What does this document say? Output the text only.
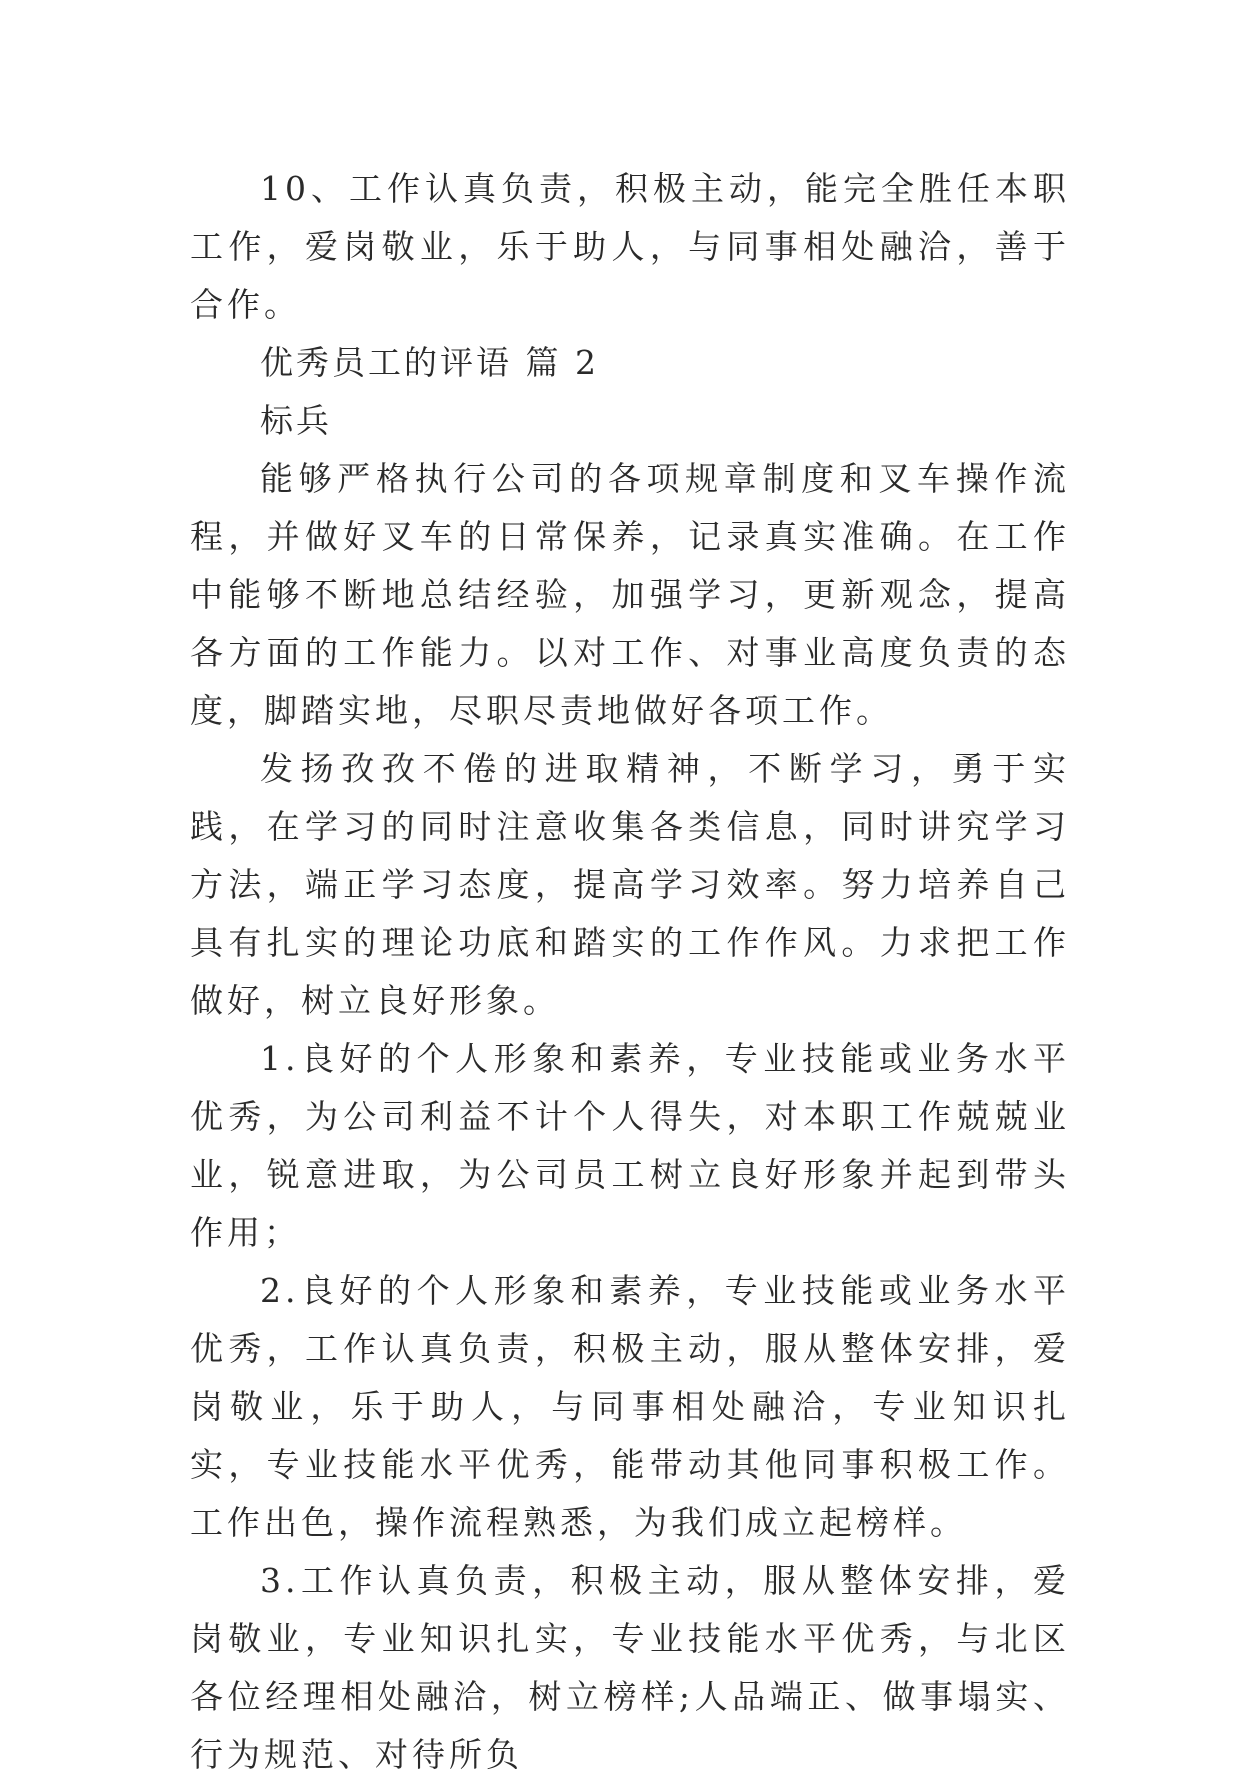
10、工作认真负责，积极主动，能完全胜任本职工作，爱岗敬业，乐于助人，与同事相处融洽，善于合作。

优秀员工的评语 篇 2

标兵

能够严格执行公司的各项规章制度和叉车操作流程，并做好叉车的日常保养，记录真实准确。在工作中能够不断地总结经验，加强学习，更新观念，提高各方面的工作能力。以对工作、对事业高度负责的态度，脚踏实地，尽职尽责地做好各项工作。

发扬孜孜不倦的进取精神，不断学习，勇于实践，在学习的同时注意收集各类信息，同时讲究学习方法，端正学习态度，提高学习效率。努力培养自己具有扎实的理论功底和踏实的工作作风。力求把工作做好，树立良好形象。

1.良好的个人形象和素养，专业技能或业务水平优秀，为公司利益不计个人得失，对本职工作兢兢业业，锐意进取，为公司员工树立良好形象并起到带头作用；

2.良好的个人形象和素养，专业技能或业务水平优秀，工作认真负责，积极主动，服从整体安排，爱岗敬业，乐于助人，与同事相处融洽，专业知识扎实，专业技能水平优秀，能带动其他同事积极工作。工作出色，操作流程熟悉，为我们成立起榜样。

3.工作认真负责，积极主动，服从整体安排，爱岗敬业，专业知识扎实，专业技能水平优秀，与北区各位经理相处融洽，树立榜样;人品端正、做事塌实、行为规范、对待所负
